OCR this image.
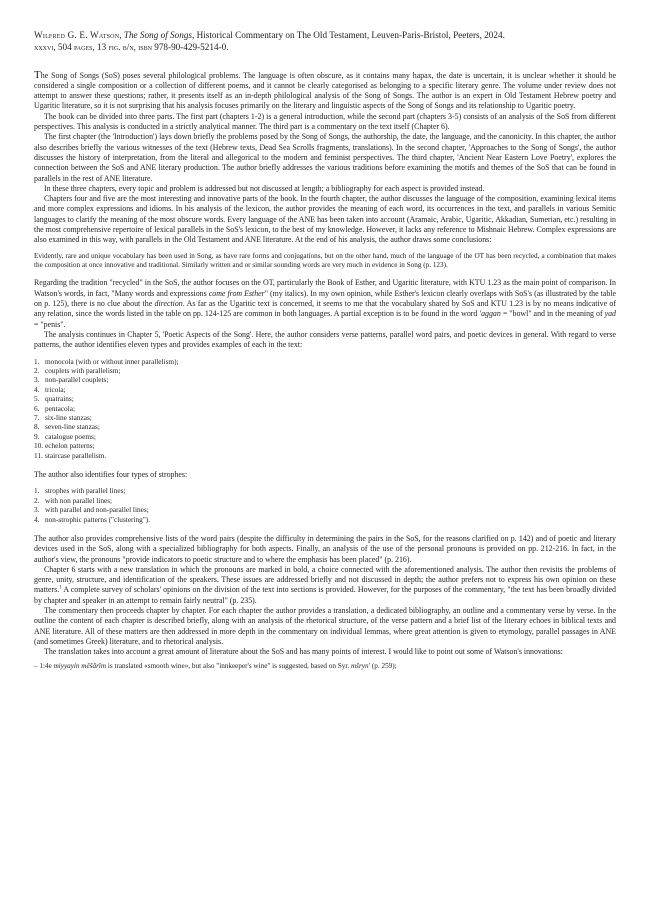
Wilfred G. E. Watson, The Song of Songs, Historical Commentary on The Old Testament, Leuven-Paris-Bristol, Peeters, 2024.
xxxvi, 504 pages, 13 fig. b/n, isbn 978-90-429-5214-0.

The Song of Songs (SoS) poses several philological problems. The language is often obscure, as it contains many hapax, the date is uncertain, it is unclear whether it should be considered a single composition or a collection of different poems, and it cannot be clearly categorised as belonging to a specific literary genre. The volume under review does not attempt to answer these questions; rather, it presents itself as an in-depth philological analysis of the Song of Songs. The author is an expert in Old Testament Hebrew poetry and Ugaritic literature, so it is not surprising that his analysis focuses primarily on the literary and linguistic aspects of the Song of Songs and its relationship to Ugaritic poetry.

The book can be divided into three parts. The first part (chapters 1-2) is a general introduction, while the second part (chapters 3-5) consists of an analysis of the SoS from different perspectives. This analysis is conducted in a strictly analytical manner. The third part is a commentary on the text itself (Chapter 6).

The first chapter (the 'Introduction') lays down briefly the problems posed by the Song of Songs, the authorship, the date, the language, and the canonicity. In this chapter, the author also describes briefly the various witnesses of the text (Hebrew texts, Dead Sea Scrolls fragments, translations). In the second chapter, 'Approaches to the Song of Songs', the author discusses the history of interpretation, from the literal and allegorical to the modern and feminist perspectives. The third chapter, 'Ancient Near Eastern Love Poetry', explores the connection between the SoS and ANE literary production. The author briefly addresses the various traditions before examining the motifs and themes of the SoS that can be found in parallels in the rest of ANE literature.

In these three chapters, every topic and problem is addressed but not discussed at length; a bibliography for each aspect is provided instead.

Chapters four and five are the most interesting and innovative parts of the book. In the fourth chapter, the author discusses the language of the composition, examining lexical items and more complex expressions and idioms. In his analysis of the lexicon, the author provides the meaning of each word, its occurrences in the text, and parallels in various Semitic languages to clarify the meaning of the most obscure words. Every language of the ANE has been taken into account (Aramaic, Arabic, Ugaritic, Akkadian, Sumerian, etc.) resulting in the most comprehensive repertoire of lexical parallels in the SoS's lexicon, to the best of my knowledge. However, it lacks any reference to Mishnaic Hebrew. Complex expressions are also examined in this way, with parallels in the Old Testament and ANE literature. At the end of his analysis, the author draws some conclusions:

Evidently, rare and unique vocabulary has been used in Song, as have rare forms and conjugations, but on the other hand, much of the language of the OT has been recycled, a combination that makes the composition at once innovative and traditional. Similarly written and or similar sounding words are very much in evidence in Song (p. 123).

Regarding the tradition "recycled" in the SoS, the author focuses on the OT, particularly the Book of Esther, and Ugaritic literature, with KTU 1.23 as the main point of comparison. In Watson's words, in fact, "Many words and expressions come from Esther" (my italics). In my own opinion, while Esther's lexicon clearly overlaps with SoS's (as illustrated by the table on p. 125), there is no clue about the direction. As far as the Ugaritic text is concerned, it seems to me that the vocabulary shared by SoS and KTU 1.23 is by no means indicative of any relation, since the words listed in the table on pp. 124-125 are common in both languages. A partial exception is to be found in the word 'aggan = "bowl" and in the meaning of yad = "penis".

The analysis continues in Chapter 5, 'Poetic Aspects of the Song'. Here, the author considers verse patterns, parallel word pairs, and poetic devices in general. With regard to verse patterns, the author identifies eleven types and provides examples of each in the text:

1. monocola (with or without inner parallelism);
2. couplets with parallelism;
3. non-parallel couplets;
4. tricola;
5. quatrains;
6. pentacola;
7. six-line stanzas;
8. seven-line stanzas;
9. catalogue poems;
10. echelon patterns;
11. staircase parallelism.

The author also identifies four types of strophes:

1. strophes with parallel lines;
2. with non parallel lines;
3. with parallel and non-parallel lines;
4. non-strophic patterns ("clustering").

The author also provides comprehensive lists of the word pairs (despite the difficulty in determining the pairs in the SoS, for the reasons clarified on p. 142) and of poetic and literary devices used in the SoS, along with a specialized bibliography for both aspects. Finally, an analysis of the use of the personal pronouns is provided on pp. 212-216. In fact, in the author's view, the pronouns "provide indicators to poetic structure and to where the emphasis has been placed" (p. 216).

Chapter 6 starts with a new translation in which the pronouns are marked in bold, a choice connected with the aforementioned analysis. The author then revisits the problems of genre, unity, structure, and identification of the speakers. These issues are addressed briefly and not discussed in depth; the author prefers not to express his own opinion on these matters.$^1$ A complete survey of scholars' opinions on the division of the text into sections is provided. However, for the purposes of the commentary, "the text has been broadly divided by chapter and speaker in an attempt to remain fairly neutral" (p. 235).

The commentary then proceeds chapter by chapter. For each chapter the author provides a translation, a dedicated bibliography, an outline and a commentary verse by verse. In the outline the content of each chapter is described briefly, along with an analysis of the rhetorical structure, of the verse pattern and a brief list of the literary echoes in biblical texts and ANE literature. All of these matters are then addressed in more depth in the commentary on individual lemmas, where great attention is given to etymology, parallel passages in ANE (and sometimes Greek) literature, and to rhetorical analysis.

The translation takes into account a great amount of literature about the SoS and has many points of interest. I would like to point out some of Watson's innovations:

– 1:4e miyyayin mêšārîm is translated «smooth wine», but also "innkeeper's wine" is suggested, based on Syr. mšryn' (p. 259);
